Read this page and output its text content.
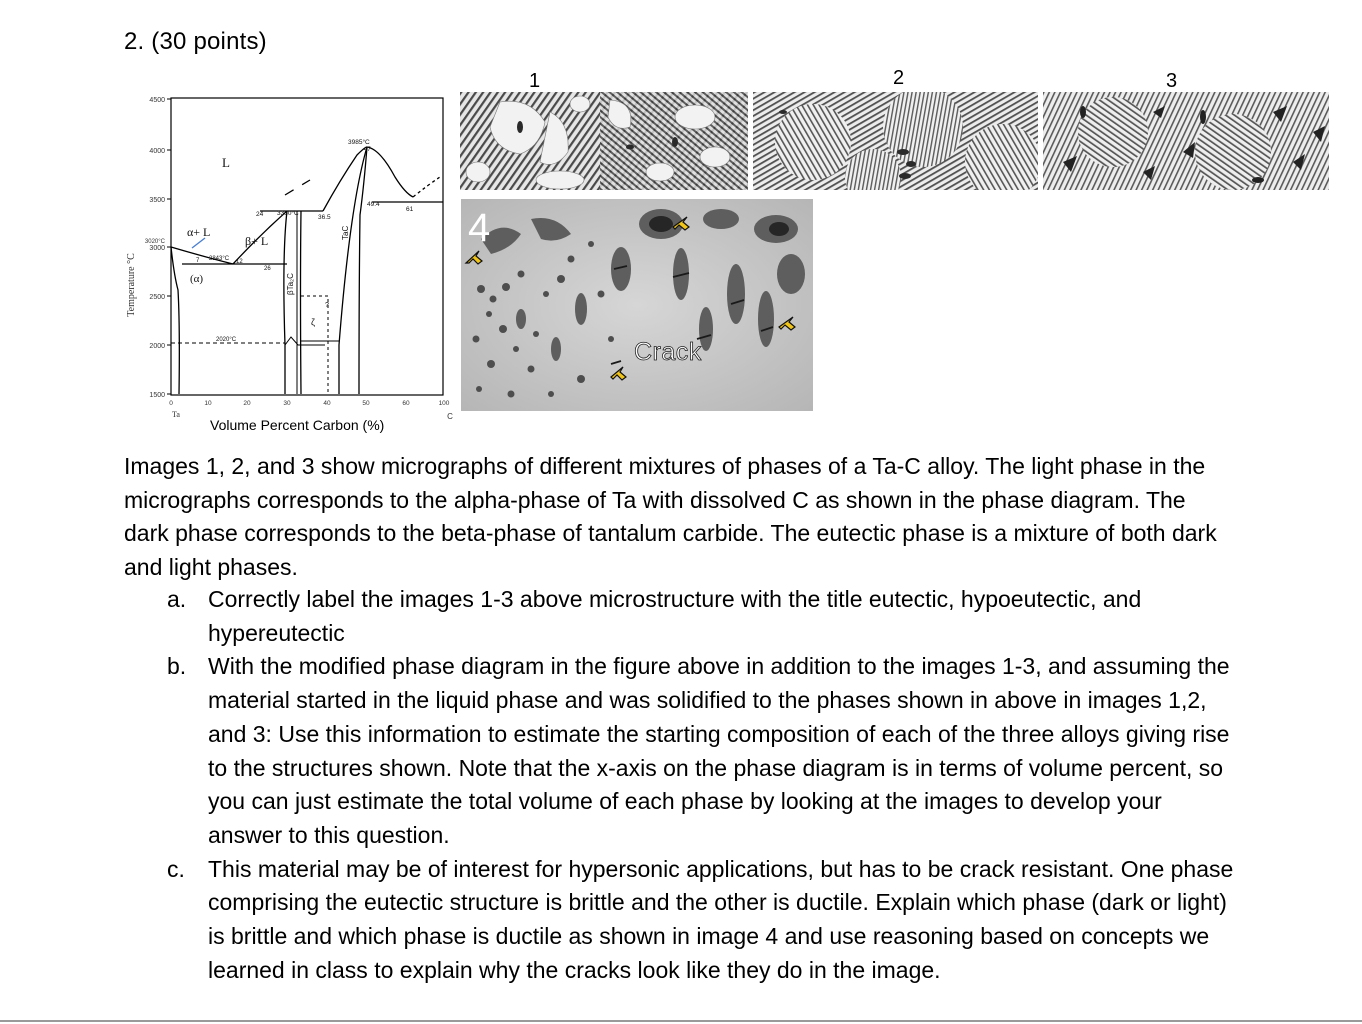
2. (30 points)
4500
4000
3500
3000
3020°C
2500
2000
1500
Temperature °C
0	10	20	30	40	50	60	100
Ta	C
L
α+ L
β+ L
(α)	βTa₂C
TaC
ζ
?
3985°C
47
3330°C
24	36.5
49.4
61
2843°C 12
26
7
2020°C
Volume Percent Carbon (%)
1	2	3
4
Crack

Images 1, 2, and 3 show micrographs of different mixtures of phases of a Ta-C alloy. The light phase in the micrographs corresponds to the alpha-phase of Ta with dissolved C as shown in the phase diagram. The dark phase corresponds to the beta-phase of tantalum carbide. The eutectic phase is a mixture of both dark and light phases.

a. Correctly label the images 1-3 above microstructure with the title eutectic, hypoeutectic, and hypereutectic
b. With the modified phase diagram in the figure above in addition to the images 1-3, and assuming the material started in the liquid phase and was solidified to the phases shown in above in images 1,2, and 3: Use this information to estimate the starting composition of each of the three alloys giving rise to the structures shown. Note that the x-axis on the phase diagram is in terms of volume percent, so you can just estimate the total volume of each phase by looking at the images to develop your answer to this question.
c. This material may be of interest for hypersonic applications, but has to be crack resistant. One phase comprising the eutectic structure is brittle and the other is ductile. Explain which phase (dark or light) is brittle and which phase is ductile as shown in image 4 and use reasoning based on concepts we learned in class to explain why the cracks look like they do in the image.
